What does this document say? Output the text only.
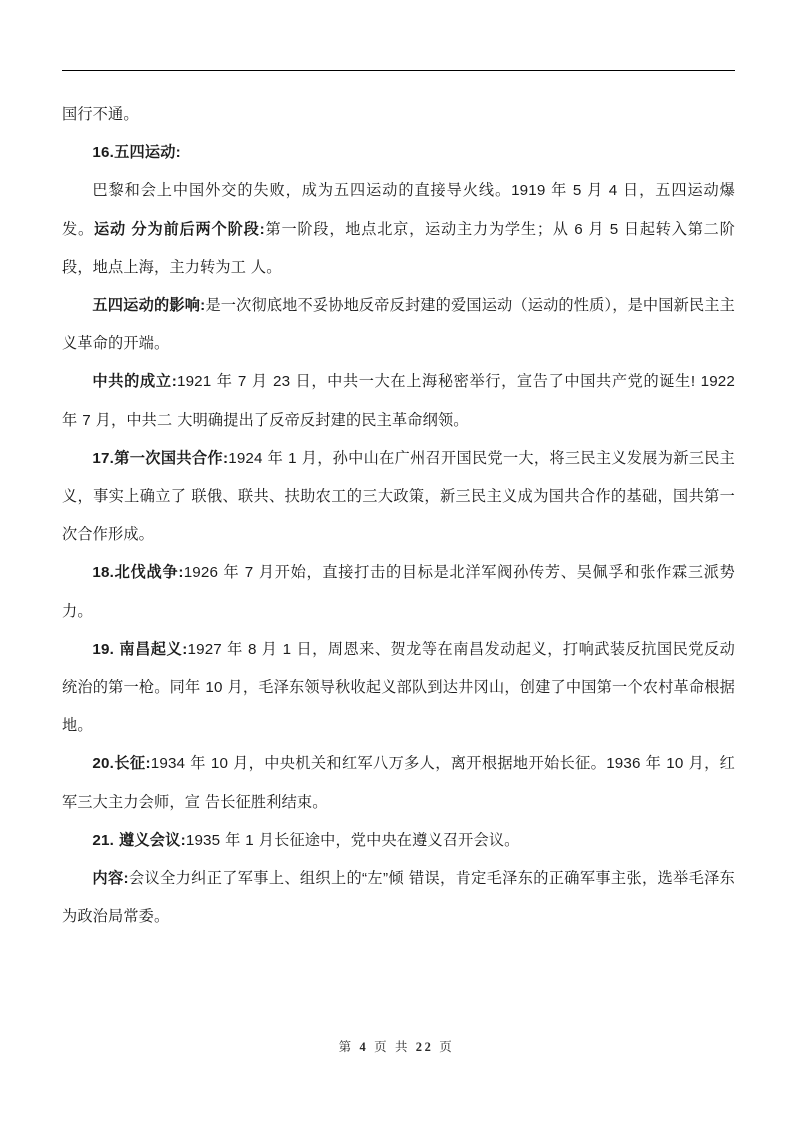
国行不通。

16.五四运动:

巴黎和会上中国外交的失败，成为五四运动的直接导火线。1919 年 5 月 4 日，五四运动爆发。运动 分为前后两个阶段:第一阶段，地点北京，运动主力为学生；从 6 月 5 日起转入第二阶段，地点上海，主力转为工 人。

五四运动的影响:是一次彻底地不妥协地反帝反封建的爱国运动（运动的性质），是中国新民主主义革命的开端。

中共的成立:1921 年 7 月 23 日，中共一大在上海秘密举行，宣告了中国共产党的诞生! 1922 年 7 月，中共二 大明确提出了反帝反封建的民主革命纲领。

17.第一次国共合作:1924 年 1 月，孙中山在广州召开国民党一大，将三民主义发展为新三民主义，事实上确立了 联俄、联共、扶助农工的三大政策，新三民主义成为国共合作的基础，国共第一次合作形成。

18.北伐战争:1926 年 7 月开始，直接打击的目标是北洋军阀孙传芳、吴佩孚和张作霖三派势力。

19. 南昌起义:1927 年 8 月 1 日，周恩来、贺龙等在南昌发动起义，打响武装反抗国民党反动统治的第一枪。同年 10 月，毛泽东领导秋收起义部队到达井冈山，创建了中国第一个农村革命根据地。

20.长征:1934 年 10 月，中央机关和红军八万多人，离开根据地开始长征。1936 年 10 月，红军三大主力会师，宣 告长征胜利结束。

21. 遵义会议:1935 年 1 月长征途中，党中央在遵义召开会议。

内容:会议全力纠正了军事上、组织上的“左”倾 错误，肯定毛泽东的正确军事主张，选举毛泽东为政治局常委。

第 4 页 共 22 页
